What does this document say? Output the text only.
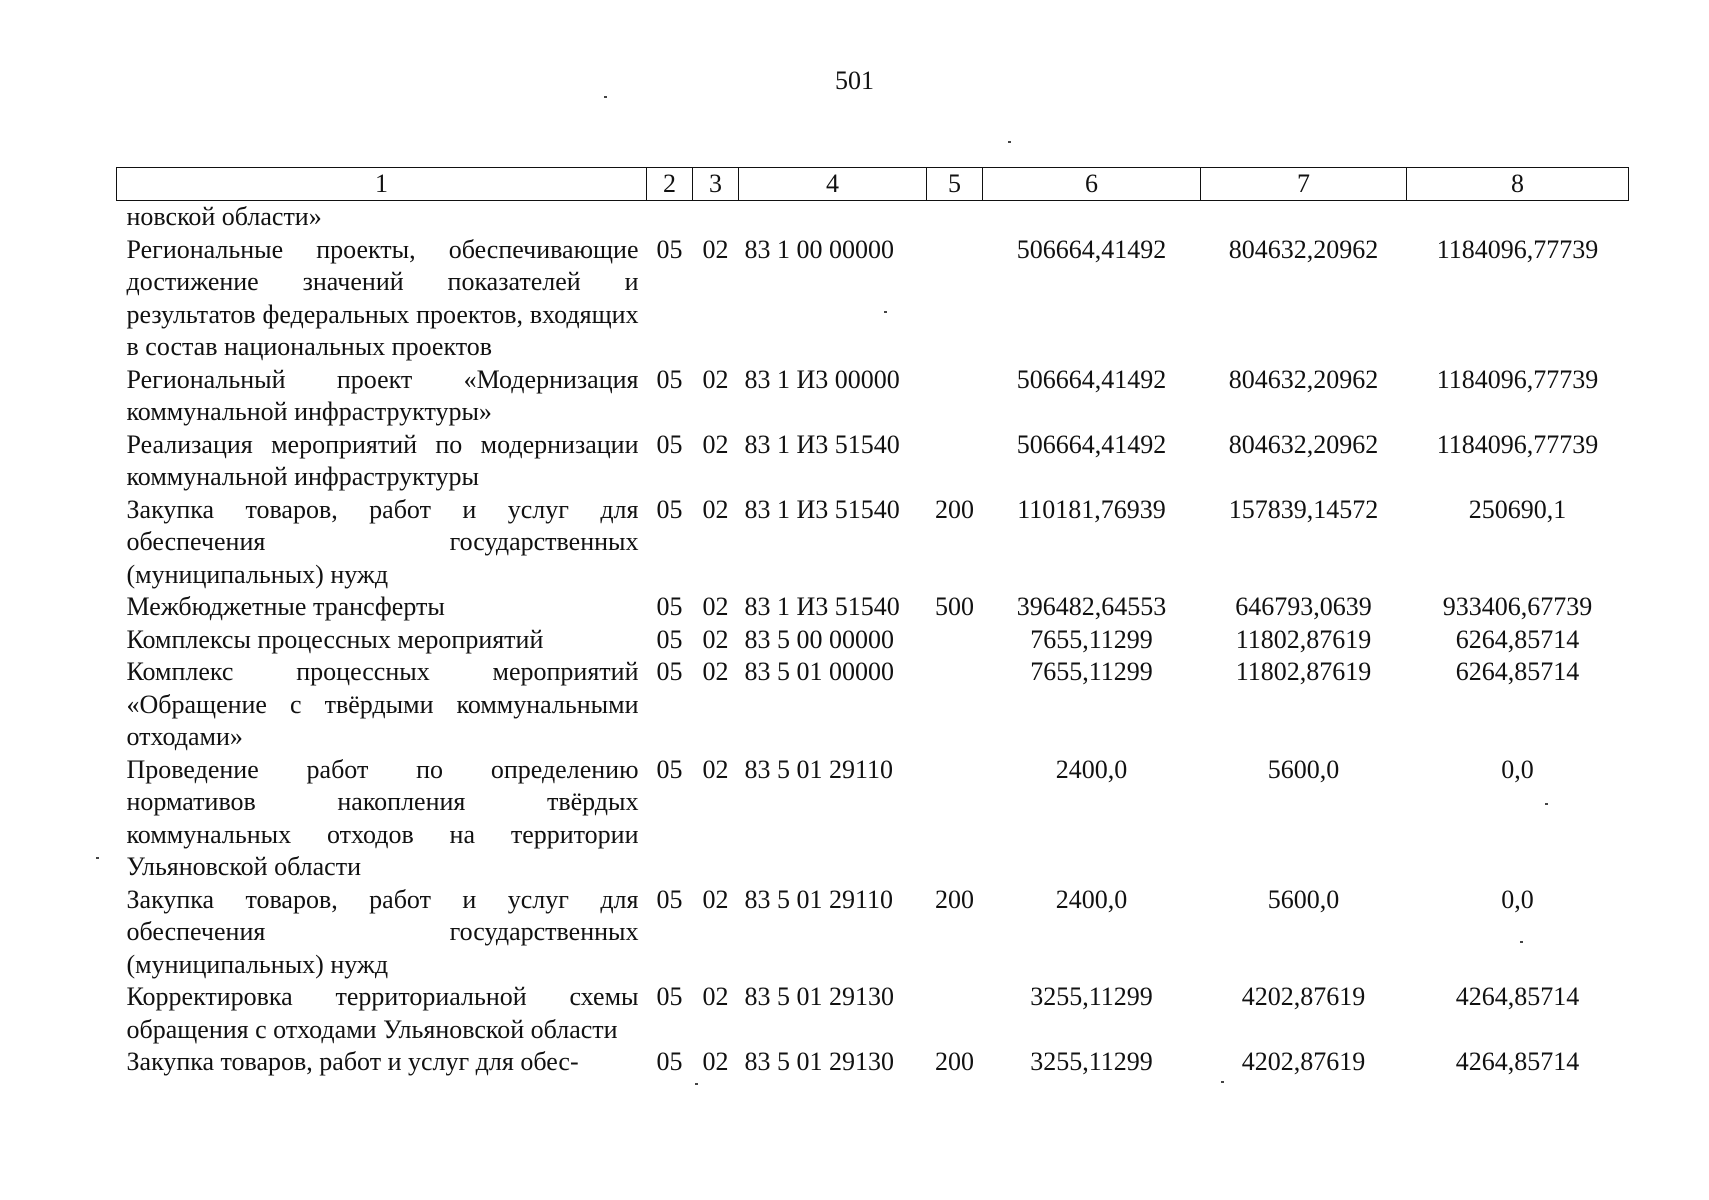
501
1	2	3	4	5	6	7	8
новской области»							
Региональные проекты, обеспечивающие достижение значений показателей и результатов федеральных проектов, входящих в состав национальных проектов	05	02	83 1 00 00000		506664,41492	804632,20962	1184096,77739
Региональный проект «Модернизация коммунальной инфраструктуры»	05	02	83 1 И3 00000		506664,41492	804632,20962	1184096,77739
Реализация мероприятий по модернизации коммунальной инфраструктуры	05	02	83 1 И3 51540		506664,41492	804632,20962	1184096,77739
Закупка товаров, работ и услуг для обеспечения государственных (муниципальных) нужд	05	02	83 1 И3 51540	200	110181,76939	157839,14572	250690,1
Межбюджетные трансферты	05	02	83 1 И3 51540	500	396482,64553	646793,0639	933406,67739
Комплексы процессных мероприятий	05	02	83 5 00 00000		7655,11299	11802,87619	6264,85714
Комплекс процессных мероприятий «Обращение с твёрдыми коммунальными отходами»	05	02	83 5 01 00000		7655,11299	11802,87619	6264,85714
Проведение работ по определению нормативов накопления твёрдых коммунальных отходов на территории Ульяновской области	05	02	83 5 01 29110		2400,0	5600,0	0,0
Закупка товаров, работ и услуг для обеспечения государственных (муниципальных) нужд	05	02	83 5 01 29110	200	2400,0	5600,0	0,0
Корректировка территориальной схемы обращения с отходами Ульяновской области	05	02	83 5 01 29130		3255,11299	4202,87619	4264,85714
Закупка товаров, работ и услуг для обес-	05	02	83 5 01 29130	200	3255,11299	4202,87619	4264,85714
